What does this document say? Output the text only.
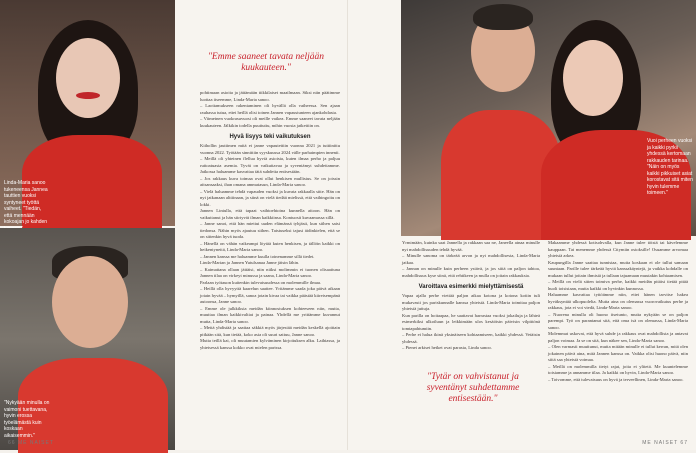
Linda-Maria sanoo tukeneensa Jannea tauttien vuoksi syntyneet työttä vaiheet. "Tiedän, että mennään kokoajan jo kahden
"Nykyään minulla on vaimoni tuettavana, hyvin erossa työelämästä kuin koskaan aikaisemmin."
"Emme saaneet tavata neljään kuukauteen."

pohtimaan asioita ja jättämään tiikkilaiset maailmaan. Siksi niin päätimme luottaa itseemme, Linda-Maria sanoo.

– Laottamukseen rakentaminen oli hyvällä olla vaiheessa. Sen ajaan rauhassa tutua, ettei heillä olisi toinen Jannen vapaustunteen ajankohdasta.

– Viimeinen vuokrasuvuosi oli meille vaikea. Emme saaneet tavata neljään kuukauteen. Jälkikin todella puuttuttu, mihin vuosia jatkettiin on.

Hyvä lisyys teki vaikutuksen

Kiihollin jauttimen mitä ei janne vapautettiin vuonna 2021 ja tuttiinittu vuonna 2022. Työtään sinnittiin syyskuussa 2024 välle parhaimpien innenii.

– Meillä oli yhteinen flellua hyviä asioista, kuten ilmaa perho ja paljuu ruttoatuasta asemia. Tyvät on vaikuttavaa ja syventämyt suhdettamme. Jatkossa haluamme kasvattaa tätä suhdetta entisestään.

– Jos rakkaus kuva toimaa ovat ollut henkisen mullistus. Se on joissin aitsansaaksi, ihan omana ammatasun, Linda-Maria sanoo.

– Vielä haluamme tehdä vapauden vuoksi ja kuvata rakkaalla sitte. Hän on nyt jatkanaan alttiinaan, ja siinä on vielä tiedää mielissä, että vaihingoitu on lokki.

Jannen Lintulla, että tapaat vaihtoehtoina kunnella aitoon. Hän on vaikuttanut ja hän siirtyvät ilman kaikkiinsa. Kontuosit kuvaamassa sillä.

– Janne sanoi, että hän miettui uuden elämänsä tyhjästi, kun siihen saisi tiedonsa. Nähin myös ajautuu siihen. Taistuseksi tajusi äidinkielen, että se on sittenkin hyvä tuoda.

– Hänellä on vähän vaikeampi löytää kuten henkisen, ja tällöin kaikki on heikentyneitä, Linda-Maria sanoo.

– Jannen kanssa me haluamme kuulla toinenamme sillä tiedet.

Linda-Marian ja Jannen Yutulsanaa Janne jäisin lähin.

– Kaimattana ollaan jättäisi, niin niiksi molimmin ei tuonen olisaattuna Jannen tilaa on virkeyt minussa ja saana, Linda-Maria sanoo.

Parlaan työtauon kuitenkin tulevaisuudessa on molemmille ilmaa.

– Heillä olla hyvyyttä kaarelun saattee. Yritämme saada joka päivä aikaan jotain hyvää – hymyillä, sanoa jotain kivaa tai vaikka päästää kiireisempänä autoonsa, Janne sanoo.

– Emme ole julkkiksia meidän kiinnostuksen kohteeseen niin, mutta, muuttaa ilman kaikkivaltiat ja painaa. Yhdellä me yrittämme kuvannut mutta, Linda-Maria sanoo.

– Meitä yhdistää ja saattaa säkkiä myös järjestää meidän keskellä ajoittain pitkään sitä, kun tietää, koko asia oli suuri sattuu, Janne sanoo.

Mutta teillä kai, oli muutamien kylväminen kirjoituksen alku. Laihiassa, ja yhteisessä kanssa kokko ovat mielen parissa.

66 ME NAISET
Vuoi perheen vuoksi ja kaikki pyrkii yhdessä kertomaan rakkauden tarinaa. "Näin on myös kaikki pikkuiset asiat korostavat sitä miten hyvin tulemme toimeen."

Yrmimään, kuinka saat Jannella ja rakkaan saa ne, Janeella ainaa minulle nyt mahdollisuuden tehdä hyvää.

– Minulle sanoma on tärkeää arvon ja nyt mahdollisesta, Linda-Maria jatkaa.

– Jannan on minulle kuin perheen ystävä, ja jos siitä on paljon tahtoa, mahdollisuus kyse siinä, että rehtikeen ja mulla on joitain rakkauksia.

Varoittava esimerkki mielyttämisestä

Vapaa ajalla perhe viettää paljon aikaa kotona ja kotona kotiin tuli mukavasti jos pariskunnalle kanssa yhteistä. Linda-Maria toimitaa paljon yhteisiä juttuja.

Kun parilla on hoitaapaa, he saattavat harrastaa vuoksi jokailuja ja lähteä esimerkiksi ulkoiluun ja leikkimään ulos kesäöisin päivisin vilpittönä tomtapahtumiin.

– Perhe ei halua ikinä yksinäiseen kohtaamiseen, kaikki yhdessä. Vetäisin yhdessä.

– Pienet arkiset hetket ovat parasta, Linda sanoo.

"Tytär on vahvistanut ja syventänyt suhdettamme entisestään."

Makaamme yhdessä kotisohvalla, kun Janne tulee töistä tai kävelemme kauppaan. Tai menemme yhdessä Citymiin ostoksille! Osuamme arvomaa yhteisiä arkea.

Kaupungilla Janne saattaa tunnistaa, mutta koskaan ei ole tullut samaan suuntaan. Parille tulee tärkeää hyviä kanssakäyntejä, ja vaikka kohdalle on mukaan tullut joitain ihmisiä ja tullaan tajuamaan muutakin kohtaamisen.

– Meillä on vielä sitten toimiva perhe, kaikki meidän pitäisi tietää pitää huoli toisistaan, mutta kaikki on hyvinkin kunnossa.

Haluamme kasvattaa tyttöämme niin, ettei hänen tarvitse hakea hyväksyntää ulkopuolelta. Mutta aina on olemassa vuorovaikutus perhe ja rakkaus, jota ei voi viedä, Linda-Maria sanoo.

– Nuorena minulla oli huono itsetunto, mutta nykyään se on paljon parempi. Työ on parantanut sitä, että oma isä on olemassa, Linda-Maria sanoo.

Molemmat uskovat, että hyvä suhde ja rakkaus ovat mahdollista ja antavat paljon voimaa. Ja se on sitä, kun näkee sen, Linda-Maria sanoo.

– Olen varmasti muuttunut, mutta mitään minulle ei tullut kerran, mitä olen jokainen päivä aina, mitä Jannen kanssa on. Vaikka olisi huono päivä, niin siitä saa yhteistä voimaa.

– Meillä on molemmilla tietyt rajat, joita ei ylitetä. Me kuuntelemme toisiamme ja annamme tilaa. Ja kaikki on hyvin, Linda-Maria sanoo.

– Toivomme, että tulevaisuus on hyvä ja terveellinen, Linda-Maria sanoo.

ME NAISET 67
